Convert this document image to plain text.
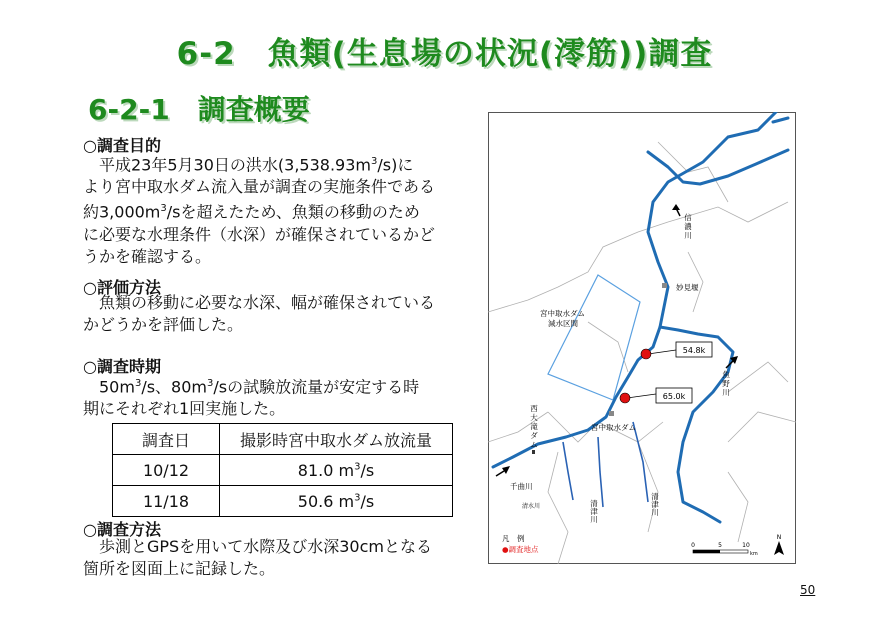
6-2　魚類(生息場の状況(澪筋))調査
6-2-1　調査概要
○調査目的

平成23年5月30日の洪水$(3,538.93m^3/s)$に

より宮中取水ダム流入量が調査の実施条件である

約$3,000m^3/s$を超えたため、魚類の移動のため

に必要な水理条件（水深）が確保されているかど

うかを確認する。

○評価方法

魚類の移動に必要な水深、幅が確保されている

かどうかを評価した。

○調査時期

$50m^3/s$、$80m^3/s$の試験放流量が安定する時

期にそれぞれ1回実施した。

調査日	撮影時宮中取水ダム放流量
10/12	81.0 $m^3/s$
11/18	50.6 $m^3/s$
○調査方法

歩測とGPSを用いて水際及び水深30cmとなる

箇所を図面上に記録した。

54.8k
65.0k
信
濃
川
魚
野
川
西
大
滝
ダ
ム
清
津
川
清
津
川
妙見堰
宮中取水ダム
減水区間
宮中取水ダム
千曲川
清水川
凡　例
●調査地点	0	5	10
km
N
50
